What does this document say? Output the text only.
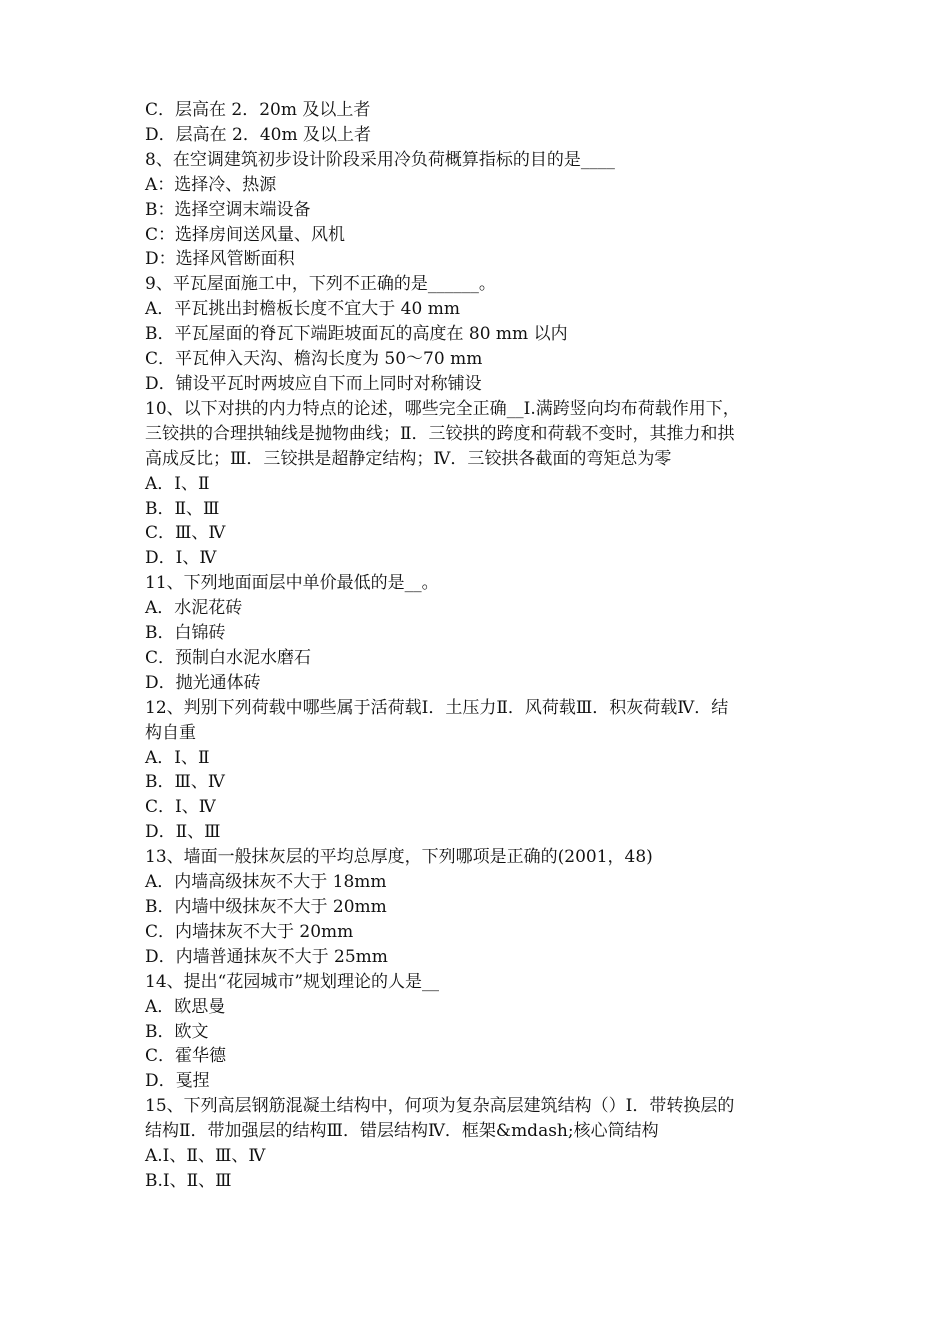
C．层高在 2．20m 及以上者

D．层高在 2．40m 及以上者

8、在空调建筑初步设计阶段采用冷负荷概算指标的目的是____

A：选择冷、热源

B：选择空调末端设备

C：选择房间送风量、风机

D：选择风管断面积

9、平瓦屋面施工中，下列不正确的是______。

A．平瓦挑出封檐板长度不宜大于 40 mm

B．平瓦屋面的脊瓦下端距坡面瓦的高度在 80 mm 以内

C．平瓦伸入天沟、檐沟长度为 50～70 mm

D．铺设平瓦时两坡应自下而上同时对称铺设

10、以下对拱的内力特点的论述，哪些完全正确__Ⅰ.满跨竖向均布荷载作用下，

三铰拱的合理拱轴线是抛物曲线；Ⅱ．三铰拱的跨度和荷载不变时，其推力和拱

高成反比；Ⅲ．三铰拱是超静定结构；Ⅳ．三铰拱各截面的弯矩总为零

A．Ⅰ、Ⅱ

B．Ⅱ、Ⅲ

C．Ⅲ、Ⅳ

D．Ⅰ、Ⅳ

11、下列地面面层中单价最低的是__。

A．水泥花砖

B．白锦砖

C．预制白水泥水磨石

D．抛光通体砖

12、判别下列荷载中哪些属于活荷载Ⅰ．土压力Ⅱ．风荷载Ⅲ．积灰荷载Ⅳ．结

构自重

A．Ⅰ、Ⅱ

B．Ⅲ、Ⅳ

C．Ⅰ、Ⅳ

D．Ⅱ、Ⅲ

13、墙面一般抹灰层的平均总厚度，下列哪项是正确的(2001，48)

A．内墙高级抹灰不大于 18mm

B．内墙中级抹灰不大于 20mm

C．内墙抹灰不大于 20mm

D．内墙普通抹灰不大于 25mm

14、提出“花园城市”规划理论的人是__

A．欧思曼

B．欧文

C．霍华德

D．戛捏

15、下列高层钢筋混凝土结构中，何项为复杂高层建筑结构（）Ⅰ．带转换层的

结构Ⅱ．带加强层的结构Ⅲ．错层结构Ⅳ．框架&mdash;核心筒结构

A.Ⅰ、Ⅱ、Ⅲ、Ⅳ

B.Ⅰ、Ⅱ、Ⅲ
